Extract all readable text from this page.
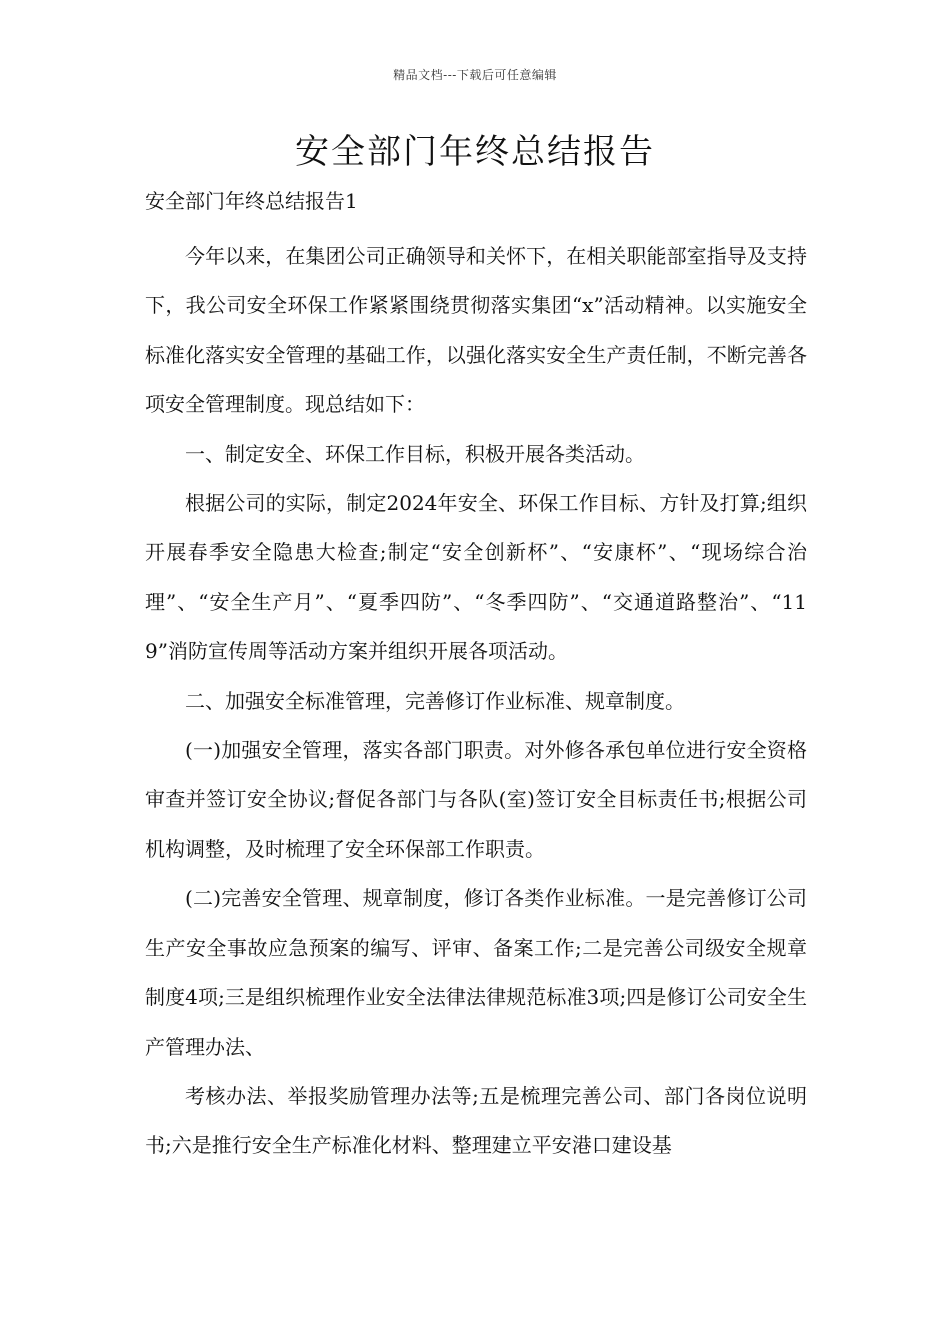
精品文档---下载后可任意编辑
安全部门年终总结报告
安全部门年终总结报告1

今年以来，在集团公司正确领导和关怀下，在相关职能部室指导及支持下，我公司安全环保工作紧紧围绕贯彻落实集团“x”活动精神。以实施安全标准化落实安全管理的基础工作，以强化落实安全生产责任制，不断完善各项安全管理制度。现总结如下：

一、制定安全、环保工作目标，积极开展各类活动。

根据公司的实际，制定2024年安全、环保工作目标、方针及打算;组织开展春季安全隐患大检查;制定“安全创新杯”、“安康杯”、“现场综合治理”、“安全生产月”、“夏季四防”、“冬季四防”、“交通道路整治”、“119”消防宣传周等活动方案并组织开展各项活动。

二、加强安全标准管理，完善修订作业标准、规章制度。

(一)加强安全管理，落实各部门职责。对外修各承包单位进行安全资格审查并签订安全协议;督促各部门与各队(室)签订安全目标责任书;根据公司机构调整，及时梳理了安全环保部工作职责。

(二)完善安全管理、规章制度，修订各类作业标准。一是完善修订公司生产安全事故应急预案的编写、评审、备案工作;二是完善公司级安全规章制度4项;三是组织梳理作业安全法律法律规范标准3项;四是修订公司安全生产管理办法、

考核办法、举报奖励管理办法等;五是梳理完善公司、部门各岗位说明书;六是推行安全生产标准化材料、整理建立平安港口建设基
